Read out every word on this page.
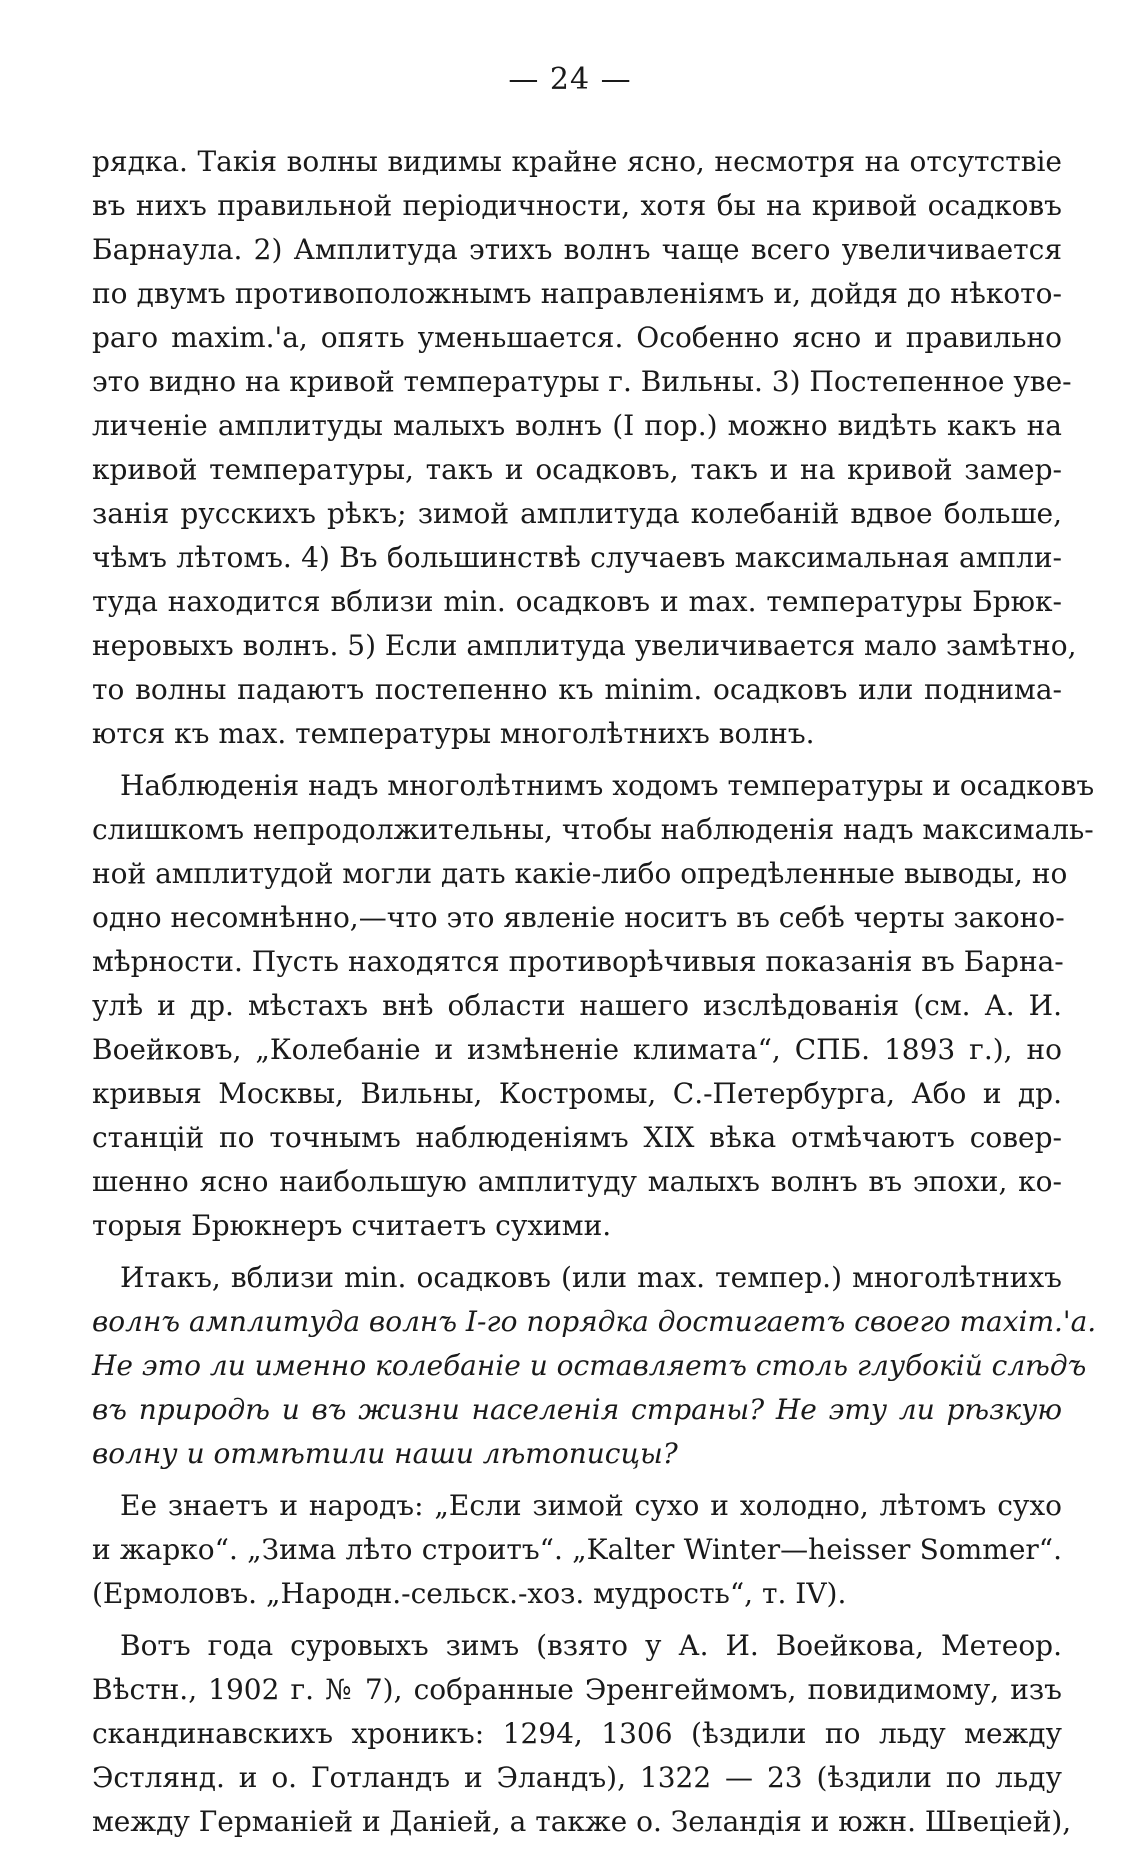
— 24 —
рядка. Такія волны видимы крайне ясно, несмотря на отсутствіе
въ нихъ правильной періодичности, хотя бы на кривой осадковъ
Барнаула. 2) Амплитуда этихъ волнъ чаще всего увеличивается
по двумъ противоположнымъ направленіямъ и, дойдя до нѣкото-
раго maxim.'а, опять уменьшается. Особенно ясно и правильно
это видно на кривой температуры г. Вильны. 3) Постепенное уве-
личеніе амплитуды малыхъ волнъ (I пор.) можно видѣть какъ на
кривой температуры, такъ и осадковъ, такъ и на кривой замер-
занія русскихъ рѣкъ; зимой амплитуда колебаній вдвое больше,
чѣмъ лѣтомъ. 4) Въ большинствѣ случаевъ максимальная ампли-
туда находится вблизи min. осадковъ и max. температуры Брюк-
неровыхъ волнъ. 5) Если амплитуда увеличивается мало замѣтно,
то волны падаютъ постепенно къ minim. осадковъ или поднима-
ются къ max. температуры многолѣтнихъ волнъ.
Наблюденія надъ многолѣтнимъ ходомъ температуры и осадковъ
слишкомъ непродолжительны, чтобы наблюденія надъ максималь-
ной амплитудой могли дать какіе-либо опредѣленные выводы, но
одно несомнѣнно,—что это явленіе носитъ въ себѣ черты законо-
мѣрности. Пусть находятся противорѣчивыя показанія въ Барна-
улѣ и др. мѣстахъ внѣ области нашего изслѣдованія (см. А. И.
Воейковъ, „Колебаніе и измѣненіе климата“, СПБ. 1893 г.), но
кривыя Москвы, Вильны, Костромы, С.-Петербурга, Або и др.
станцій по точнымъ наблюденіямъ XIX вѣка отмѣчаютъ совер-
шенно ясно наибольшую амплитуду малыхъ волнъ въ эпохи, ко-
торыя Брюкнеръ считаетъ сухими.
Итакъ, вблизи min. осадковъ (или max. темпер.) многолѣтнихъ
волнъ амплитуда волнъ I-го порядка достигаетъ своего maxim.'а.
Не это ли именно колебаніе и оставляетъ столь глубокій слѣдъ
въ природѣ и въ жизни населенія страны? Не эту ли рѣзкую
волну и отмѣтили наши лѣтописцы?
Ее знаетъ и народъ: „Если зимой сухо и холодно, лѣтомъ сухо
и жарко“. „Зима лѣто строитъ“. „Kalter Winter—heisser Sommer“.
(Ермоловъ. „Народн.-сельск.-хоз. мудрость“, т. IV).
Вотъ года суровыхъ зимъ (взято у А. И. Воейкова, Метеор.
Вѣстн., 1902 г. № 7), собранные Эренгеймомъ, повидимому, изъ
скандинавскихъ хроникъ: 1294, 1306 (ѣздили по льду между
Эстлянд. и о. Готландъ и Эландъ), 1322 — 23 (ѣздили по льду
между Германіей и Даніей, а также о. Зеландія и южн. Швеціей),
